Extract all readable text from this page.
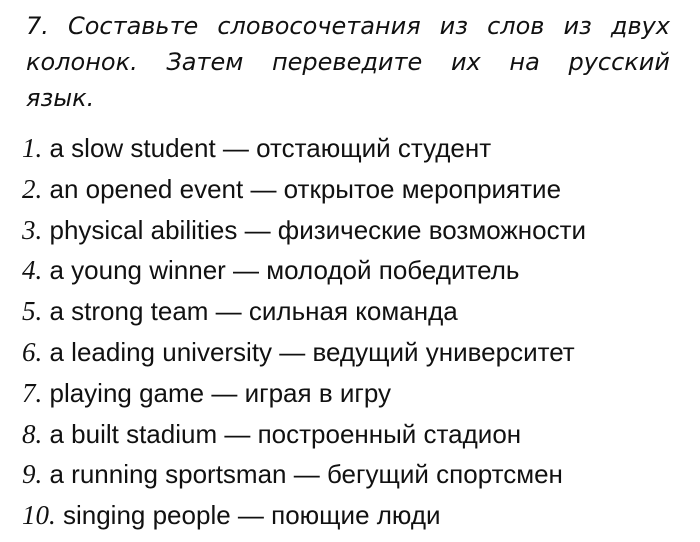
7. Составьте словосочетания из слов из двух колонок. Затем переведите их на русский
язык.
1. a slow student — отстающий студент
2. an opened event — открытое мероприятие
3. physical abilities — физические возможности
4. a young winner — молодой победитель
5. a strong team — сильная команда
6. a leading university — ведущий университет
7. playing game — играя в игру
8. a built stadium — построенный стадион
9. a running sportsman — бегущий спортсмен
10. singing people — поющие люди
